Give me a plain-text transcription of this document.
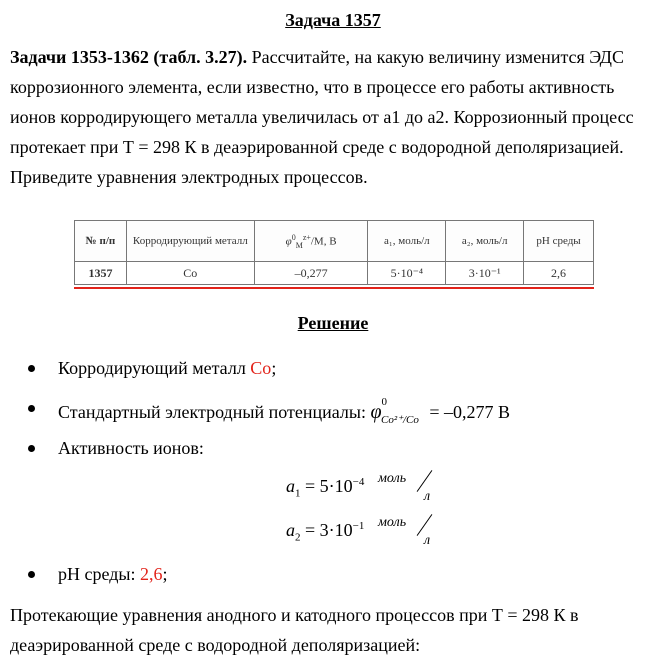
Задача 1357
Задачи 1353-1362 (табл. 3.27). Рассчитайте, на какую величину изменится ЭДС
коррозионного элемента, если известно, что в процессе его работы активность
ионов корродирующего металла увеличилась от a1 до a2. Коррозионный процесс
протекает при Т = 298 К в деаэрированной среде с водородной деполяризацией.
Приведите уравнения электродных процессов.
№ п/п	Корродирующий металл	$\varphi^0_M^{z+}/M$, В	a₁, моль/л	a₂, моль/л	pH среды
1357	Co	–0,277	5·10⁻⁴	3·10⁻¹	2,6
Решение
Корродирующий металл Co;
Стандартный электродный потенциалы: $\varphi^0_{Co^{2+}/Co} = -0,277$ В
Активность ионов:
$a_1 = 5\cdot 10^{-4}$ моль
л
$a_2 = 3\cdot 10^{-1}$ моль
л
pH среды: 2,6;
Протекающие уравнения анодного и катодного процессов при Т = 298 К в
деаэрированной среде с водородной деполяризацией:
